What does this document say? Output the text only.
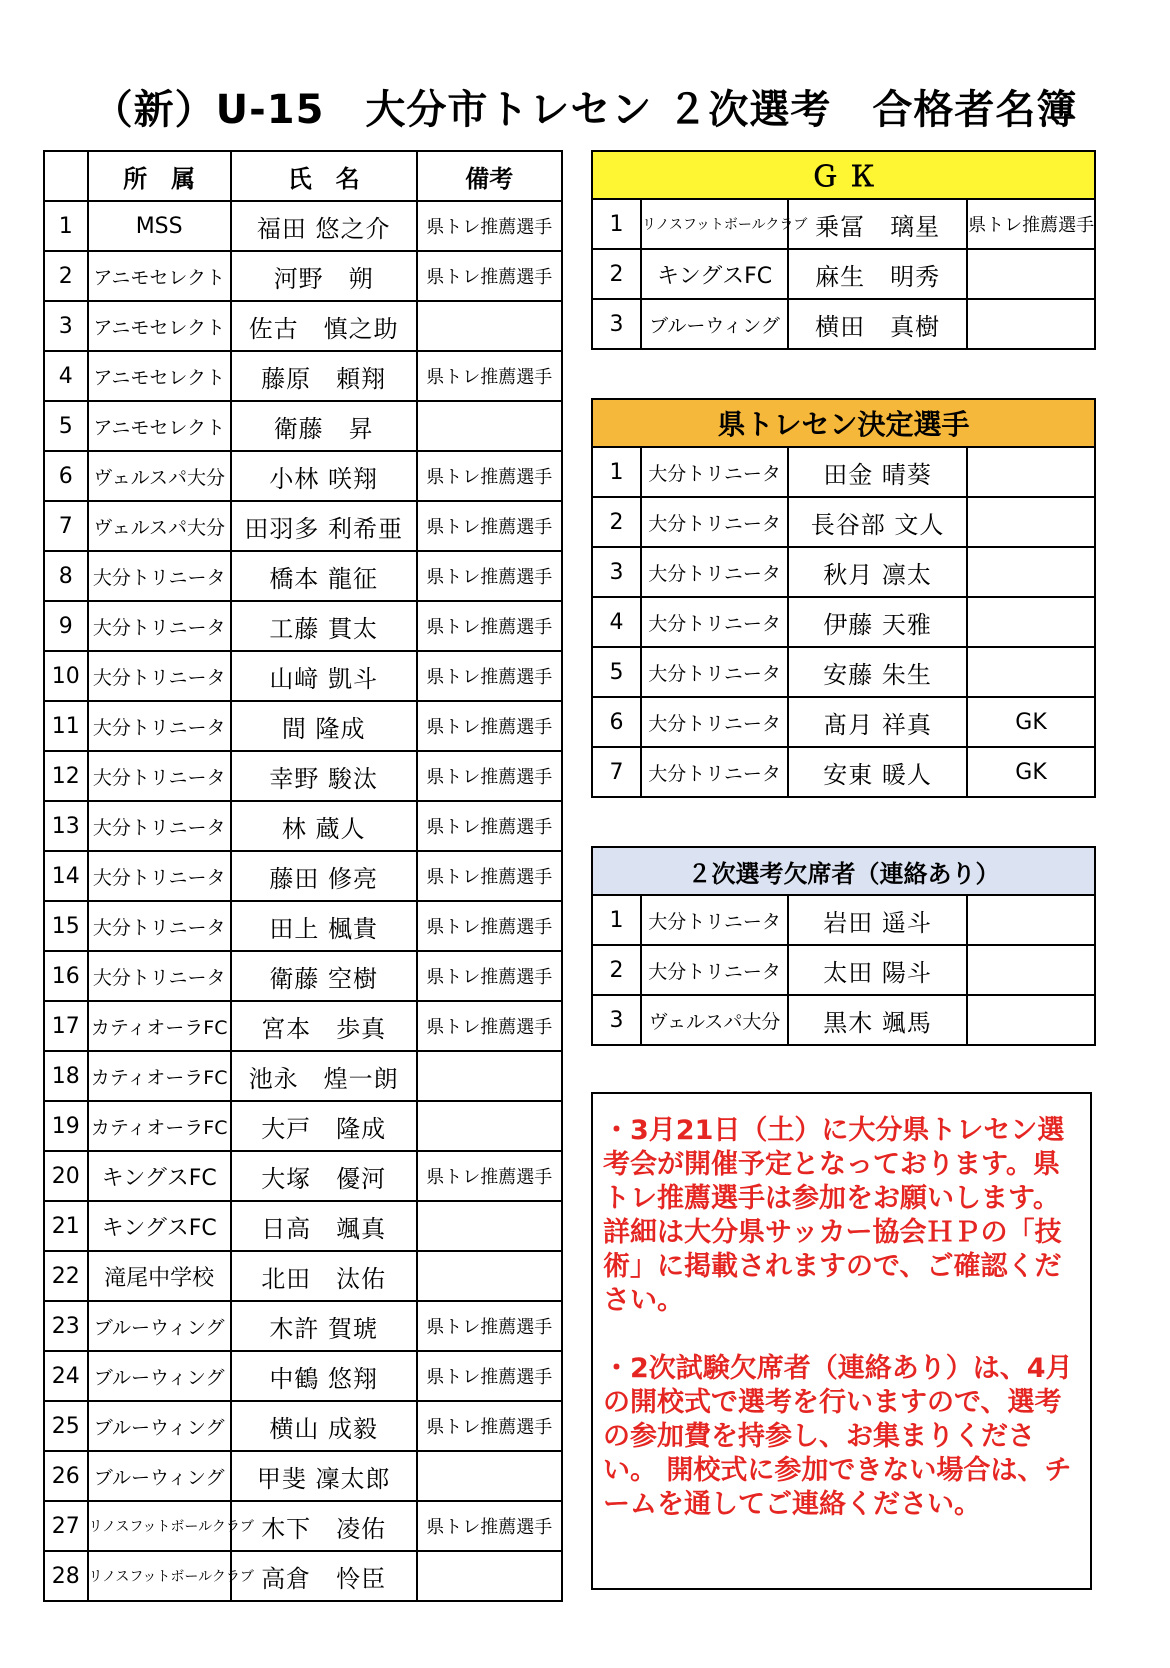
（新）U-15　大分市トレセン ２次選考　合格者名簿
	所　属	氏　名	備考
1	MSS	福田 悠之介	県トレ推薦選手
2	アニモセレクト	河野　朔	県トレ推薦選手
3	アニモセレクト	佐古　慎之助	
4	アニモセレクト	藤原　頼翔	県トレ推薦選手
5	アニモセレクト	衛藤　昇	
6	ヴェルスパ大分	小林 咲翔	県トレ推薦選手
7	ヴェルスパ大分	田羽多 利希亜	県トレ推薦選手
8	大分トリニータ	橋本 龍征	県トレ推薦選手
9	大分トリニータ	工藤 貫太	県トレ推薦選手
10	大分トリニータ	山﨑 凱斗	県トレ推薦選手
11	大分トリニータ	間 隆成	県トレ推薦選手
12	大分トリニータ	幸野 駿汰	県トレ推薦選手
13	大分トリニータ	林 蔵人	県トレ推薦選手
14	大分トリニータ	藤田 修亮	県トレ推薦選手
15	大分トリニータ	田上 楓貴	県トレ推薦選手
16	大分トリニータ	衛藤 空樹	県トレ推薦選手
17	カティオーラFC	宮本　歩真	県トレ推薦選手
18	カティオーラFC	池永　煌一朗	
19	カティオーラFC	大戸　隆成	
20	キングスFC	大塚　優河	県トレ推薦選手
21	キングスFC	日高　颯真	
22	滝尾中学校	北田　汰佑	
23	ブルーウィング	木許 賀琥	県トレ推薦選手
24	ブルーウィング	中鶴 悠翔	県トレ推薦選手
25	ブルーウィング	横山 成毅	県トレ推薦選手
26	ブルーウィング	甲斐 凜太郎	
27	リノスフットボールクラブ	木下　凌佑	県トレ推薦選手
28	リノスフットボールクラブ	高倉　怜臣	
Ｇ Ｋ			
1	リノスフットボールクラブ	乗冨　璃星	県トレ推薦選手
2	キングスFC	麻生　明秀	
3	ブルーウィング	横田　真樹	
県トレセン決定選手			
1	大分トリニータ	田金 晴葵	
2	大分トリニータ	長谷部 文人	
3	大分トリニータ	秋月 凛太	
4	大分トリニータ	伊藤 天雅	
5	大分トリニータ	安藤 朱生	
6	大分トリニータ	髙月 祥真	GK
7	大分トリニータ	安東 暖人	GK
２次選考欠席者（連絡あり）			
1	大分トリニータ	岩田 遥斗	
2	大分トリニータ	太田 陽斗	
3	ヴェルスパ大分	黒木 颯馬	

・3月21日（土）に大分県トレセン選考会が開催予定となっております。県トレ推薦選手は参加をお願いします。 詳細は大分県サッカー協会ＨＰの「技術」に掲載されますので、ご確認ください。

・2次試験欠席者（連絡あり）は、4月の開校式で選考を行いますので、選考の参加費を持参し、お集まりください。 開校式に参加できない場合は、チームを通してご連絡ください。
